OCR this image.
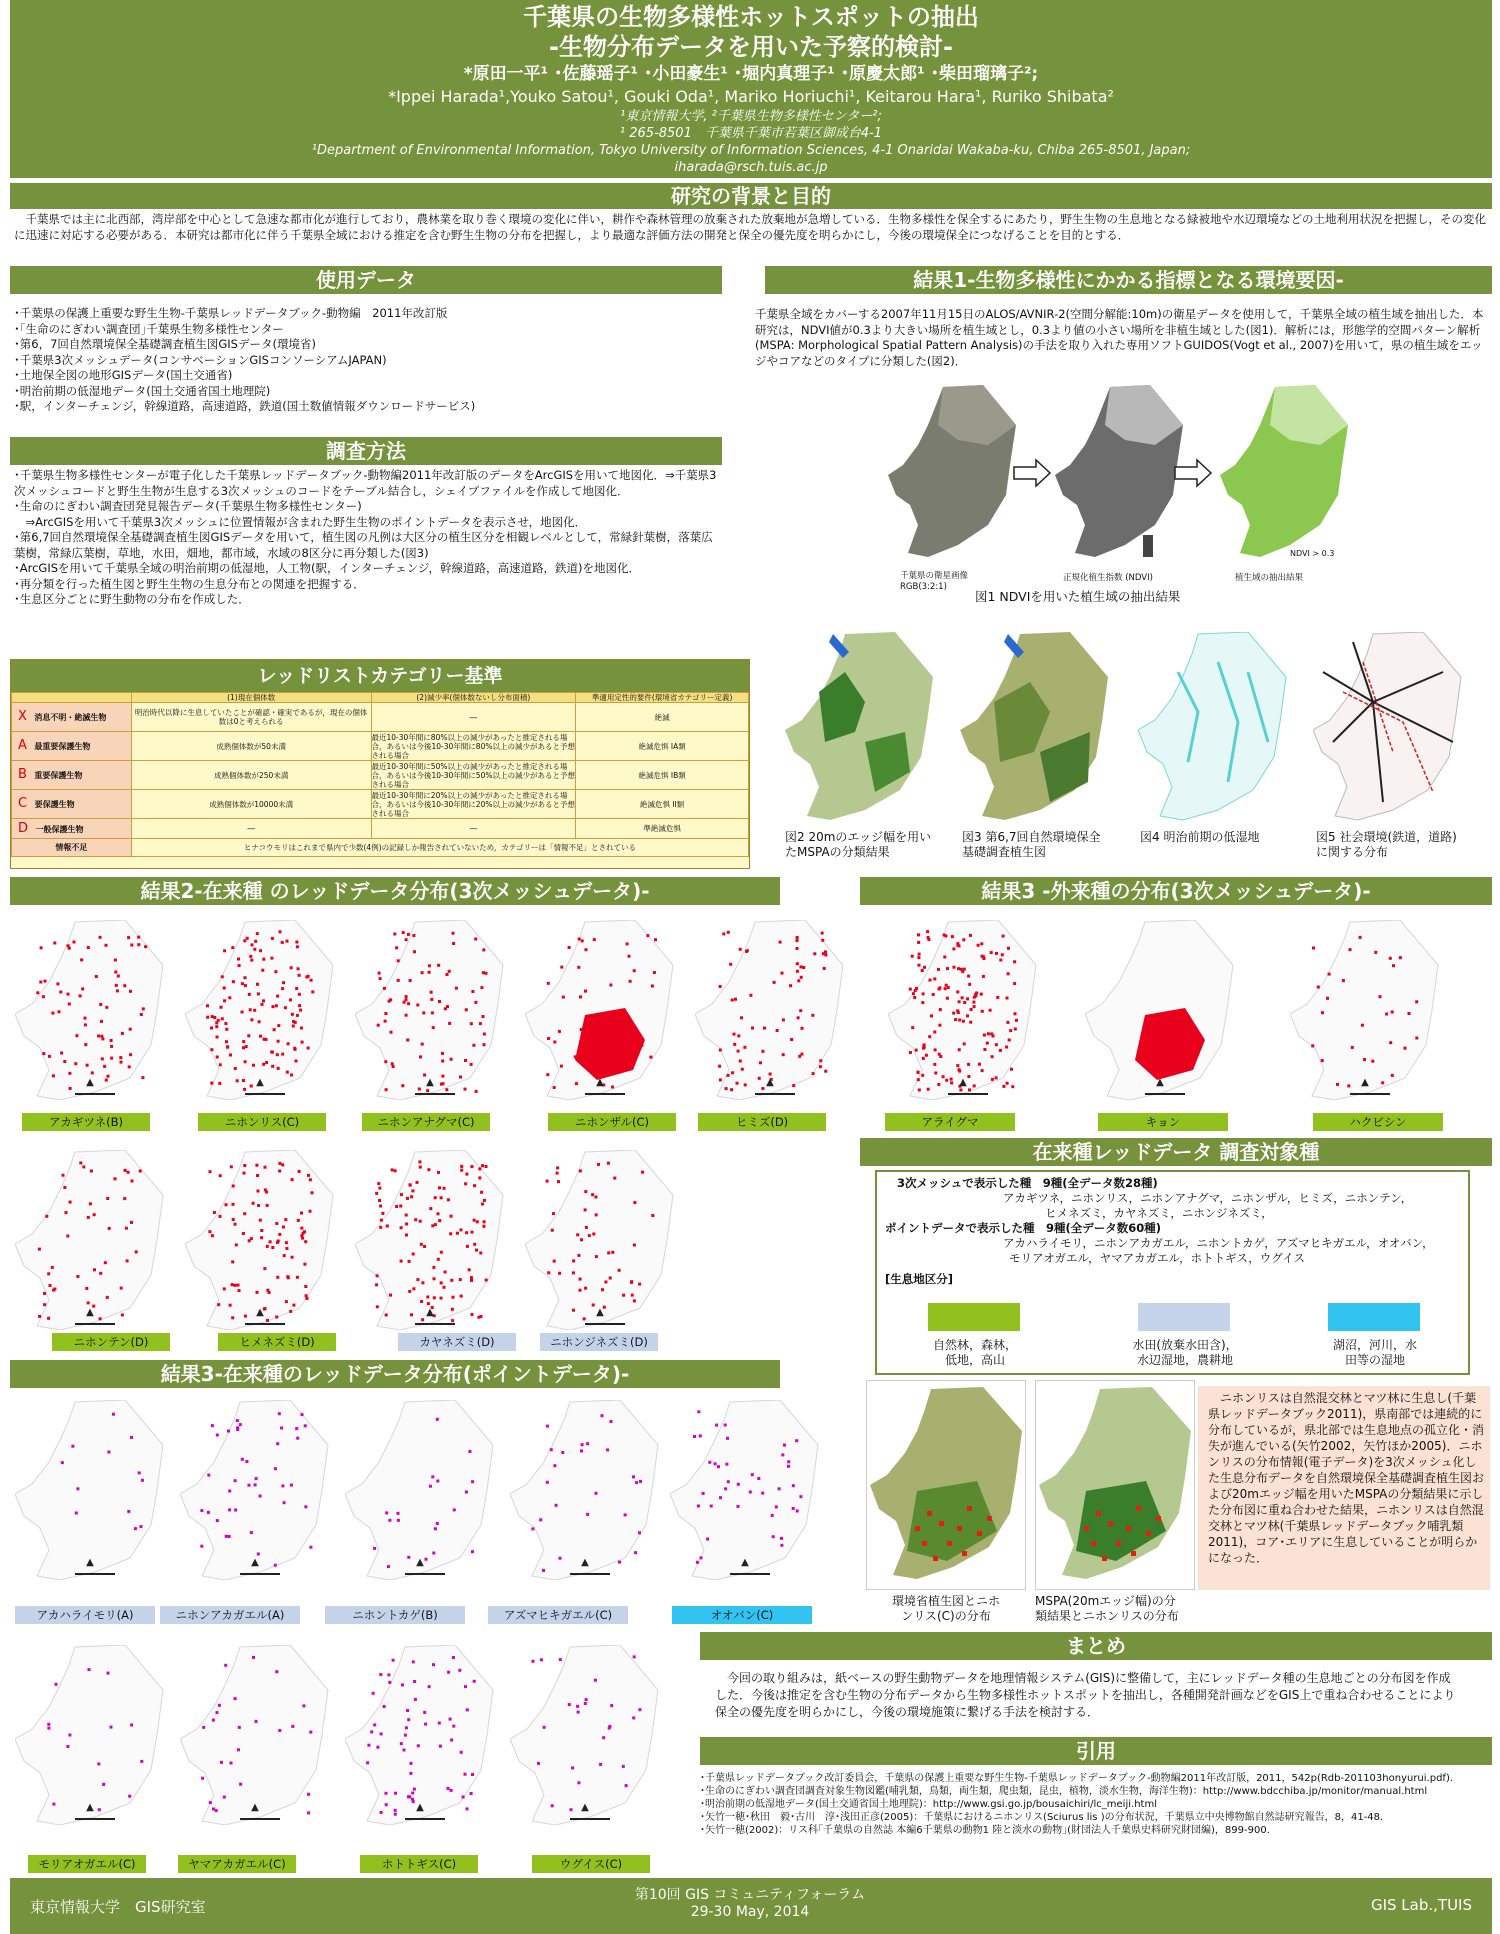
千葉県の生物多様性ホットスポットの抽出
-生物分布データを用いた予察的検討-
*原田一平¹ ･佐藤瑶子¹ ･小田豪生¹ ･堀内真理子¹ ･原慶太郎¹ ･柴田瑠璃子²;
*Ippei Harada¹,Youko Satou¹, Gouki Oda¹, Mariko Horiuchi¹, Keitarou Hara¹, Ruriko Shibata²
¹東京情報大学, ²千葉県生物多様性センター²;
¹ 265-8501　千葉県千葉市若葉区御成台4-1
¹Department of Environmental Information, Tokyo University of Information Sciences, 4-1 Onaridai Wakaba-ku, Chiba 265-8501, Japan;
iharada@rsch.tuis.ac.jp
研究の背景と目的
千葉県では主に北西部，湾岸部を中心として急速な都市化が進行しており，農林業を取り巻く環境の変化に伴い，耕作や森林管理の放棄された放棄地が急増している．生物多様性を保全するにあたり，野生生物の生息地となる緑被地や水辺環境などの土地利用状況を把握し，その変化に迅速に対応する必要がある．本研究は都市化に伴う千葉県全域における推定を含む野生生物の分布を把握し，より最適な評価方法の開発と保全の優先度を明らかにし，今後の環境保全につなげることを目的とする．
使用データ

･千葉県の保護上重要な野生生物-千葉県レッドデータブック-動物編　2011年改訂版

･｢生命のにぎわい調査団｣千葉県生物多様性センター

･第6，7回自然環境保全基礎調査植生図GISデータ(環境省)

･千葉県3次メッシュデータ(コンサベーションGISコンソーシアムJAPAN)

･土地保全図の地形GISデータ(国土交通省)

･明治前期の低湿地データ(国土交通省国土地理院)

･駅，インターチェンジ，幹線道路，高速道路，鉄道(国土数値情報ダウンロードサービス)

調査方法

･千葉県生物多様性センターが電子化した千葉県レッドデータブック-動物編2011年改訂版のデータをArcGISを用いて地図化．⇒千葉県3次メッシュコードと野生生物が生息する3次メッシュのコードをテーブル結合し，シェイプファイルを作成して地図化．

･生命のにぎわい調査団発見報告データ(千葉県生物多様性センター)

　⇒ArcGISを用いて千葉県3次メッシュに位置情報が含まれた野生生物のポイントデータを表示させ，地図化．

･第6,7回自然環境保全基礎調査植生図GISデータを用いて，植生図の凡例は大区分の植生区分を相観レベルとして，常緑針葉樹，落葉広葉樹，常緑広葉樹，草地，水田，畑地，都市域，水域の8区分に再分類した(図3)

･ArcGISを用いて千葉県全域の明治前期の低湿地，人工物(駅，インターチェンジ，幹線道路，高速道路，鉄道)を地図化．

･再分類を行った植生図と野生生物の生息分布との関連を把握する．

･生息区分ごとに野生動物の分布を作成した．

レッドリストカテゴリー基準
	(1)現在個体数	(2)減少率(個体数ないし分布面積)	準適用定性的要件(環境省カテゴリー定義)
X　 消息不明・絶滅生物	明治時代以降に生息していたことが確認・確実であるが，現在の個体数は0と考えられる	―	絶滅
A　 最重要保護生物	成熟個体数が50未満	最近10-30年間に80%以上の減少があったと推定される場合，あるいは今後10-30年間に80%以上の減少があると予想される場合	絶滅危惧 IA類
B　 重要保護生物	成熟個体数が250未満	最近10-30年間に50%以上の減少があったと推定される場合，あるいは今後10-30年間に50%以上の減少があると予想される場合	絶滅危惧 IB類
C　 要保護生物	成熟個体数が10000未満	最近10-30年間に20%以上の減少があったと推定される場合，あるいは今後10-30年間に20%以上の減少があると予想される場合	絶滅危惧 II類
D　 一般保護生物	―	―	準絶滅危惧
情報不足	ヒナコウモリはこれまで県内で少数(4例)の記録しか報告されていないため，カテゴリーは「情報不足」とされている		
結果1-生物多様性にかかる指標となる環境要因-
千葉県全域をカバーする2007年11月15日のALOS/AVNIR-2(空間分解能:10m)の衛星データを使用して，千葉県全域の植生域を抽出した．本研究は，NDVI値が0.3より大きい場所を植生域とし，0.3より値の小さい場所を非植生域とした(図1)．解析には，形態学的空間パターン解析(MSPA: Morphological Spatial Pattern Analysis)の手法を取り入れた専用ソフトGUIDOS(Vogt et al., 2007)を用いて，県の植生域をエッジやコアなどのタイプに分類した(図2)．
NDVI > 0.3
千葉県の衛星画像
RGB(3:2:1)
正規化植生指数 (NDVI)	植生域の抽出結果
図1 NDVIを用いた植生域の抽出結果
図2 20mのエッジ幅を用いたMSPAの分類結果
図3 第6,7回自然環境保全基礎調査植生図
図4 明治前期の低湿地	図5 社会環境(鉄道，道路)に関する分布
結果2-在来種 のレッドデータ分布(3次メッシュデータ)-
▲
アカギツネ(B)
▲
ニホンリス(C)
▲
ニホンアナグマ(C)
▲
ニホンザル(C)
▲
ヒミズ(D)
▲
ニホンテン(D)
▲
ヒメネズミ(D)
▲
カヤネズミ(D)
▲
ニホンジネズミ(D)
結果3 -外来種の分布(3次メッシュデータ)-
▲
アライグマ
▲
キョン
▲
ハクビシン
在来種レッドデータ 調査対象種
3次メッシュで表示した種　9種(全データ数28種)
アカギツネ，ニホンリス，ニホンアナグマ，ニホンザル，ヒミズ，ニホンテン，
ヒメネズミ，カヤネズミ，ニホンジネズミ，
ポイントデータで表示した種　9種(全データ数60種)
アカハライモリ，ニホンアカガエル，ニホントカゲ，アズマヒキガエル，オオバン，
モリアオガエル，ヤマアカガエル，ホトトギス，ウグイス
[生息地区分]
自然林，森林，
低地，高山
水田(放棄水田含)，
水辺湿地，農耕地
湖沼，河川，水
田等の湿地
環境省植生図とニホ
ンリス(C)の分布
MSPA(20mエッジ幅)の分
類結果とニホンリスの分布
ニホンリスは自然混交林とマツ林に生息し(千葉県レッドデータブック2011)，県南部では連続的に分布しているが，県北部では生息地点の孤立化・消失が進んでいる(矢竹2002，矢竹ほか2005)．ニホンリスの分布情報(電子データ)を3次メッシュ化した生息分布データを自然環境保全基礎調査植生図および20mエッジ幅を用いたMSPAの分類結果に示した分布図に重ね合わせた結果，ニホンリスは自然混交林とマツ林(千葉県レッドデータブック哺乳類2011)，コア･エリアに生息していることが明らかになった．
結果3-在来種のレッドデータ分布(ポイントデータ)-
▲
アカハライモリ(A)
▲
ニホンアカガエル(A)
▲
ニホントカゲ(B)
▲
アズマヒキガエル(C)
▲
オオバン(C)
▲
モリアオガエル(C)
▲
ヤマアカガエル(C)
▲
ホトトギス(C)
▲
ウグイス(C)
まとめ
今回の取り組みは，紙ベースの野生動物データを地理情報システム(GIS)に整備して，主にレッドデータ種の生息地ごとの分布図を作成した．今後は推定を含む生物の分布データから生物多様性ホットスポットを抽出し，各種開発計画などをGIS上で重ね合わせることにより保全の優先度を明らかにし，今後の環境施策に繋げる手法を検討する．
引用

･千葉県レッドデータブック改訂委員会，千葉県の保護上重要な野生生物-千葉県レッドデータブック-動物編2011年改訂版，2011，542p(Rdb-201103honyurui.pdf)．

･生命のにぎわい調査団調査対象生物図鑑(哺乳類，鳥類，両生類，爬虫類，昆虫，植物，淡水生物，海洋生物)：http://www.bdcchiba.jp/monitor/manual.html

･明治前期の低湿地データ(国土交通省国土地理院)：http://www.gsi.go.jp/bousaichiri/lc_meiji.html

･矢竹一穂･秋田　毅･古川　淳･浅田正彦(2005)：千葉県におけるニホンリス(Sciurus lis )の分布状況，千葉県立中央博物館自然誌研究報告，8，41-48．

･矢竹一穂(2002)：リス科｢千葉県の自然誌 本編6千葉県の動物1 陸と淡水の動物｣(財団法人千葉県史料研究財団編)，899-900．

東京情報大学　GIS研究室
第10回 GIS コミュニティフォーラム
29-30 May, 2014	GIS Lab.,TUIS
